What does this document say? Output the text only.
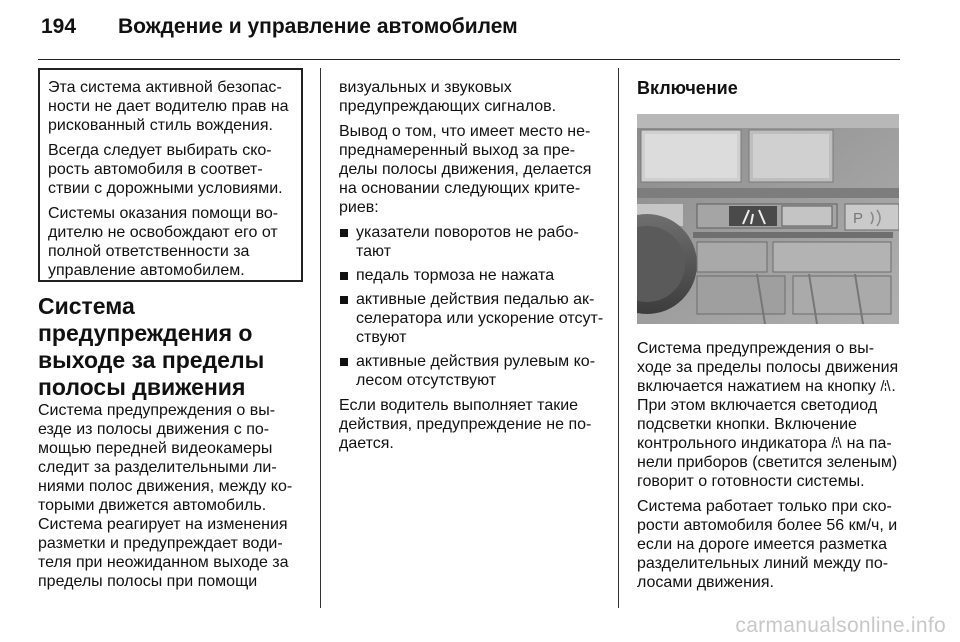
194 Вождение и управление автомобилем

Эта система активной безопасности не дает водителю прав на рискованный стиль вождения.

Всегда следует выбирать скорость автомобиля в соответствии с дорожными условиями.

Системы оказания помощи водителю не освобождают его от полной ответственности за управление автомобилем.

Система предупреждения о выходе за пределы полосы движения

Система предупреждения о выезде из полосы движения с помощью передней видеокамеры следит за разделительными линиями полос движения, между которыми движется автомобиль. Система реагирует на изменения разметки и предупреждает водителя при неожиданном выходе за пределы полосы при помощи

визуальных и звуковых предупреждающих сигналов.

Вывод о том, что имеет место непреднамеренный выход за пределы полосы движения, делается на основании следующих критериев:

указатели поворотов не работают
педаль тормоза не нажата
активные действия педалью акселератора или ускорение отсутствуют
активные действия рулевым колесом отсутствуют

Если водитель выполняет такие действия, предупреждение не подается.

Включение
P

Система предупреждения о выходе за пределы полосы движения включается нажатием на кнопку . При этом включается светодиод подсветки кнопки. Включение контрольного индикатора  на панели приборов (светится зеленым) говорит о готовности системы.

Система работает только при скорости автомобиля более 56 км/ч, и если на дороге имеется разметка разделительных линий между полосами движения.

carmanualsonline.info
